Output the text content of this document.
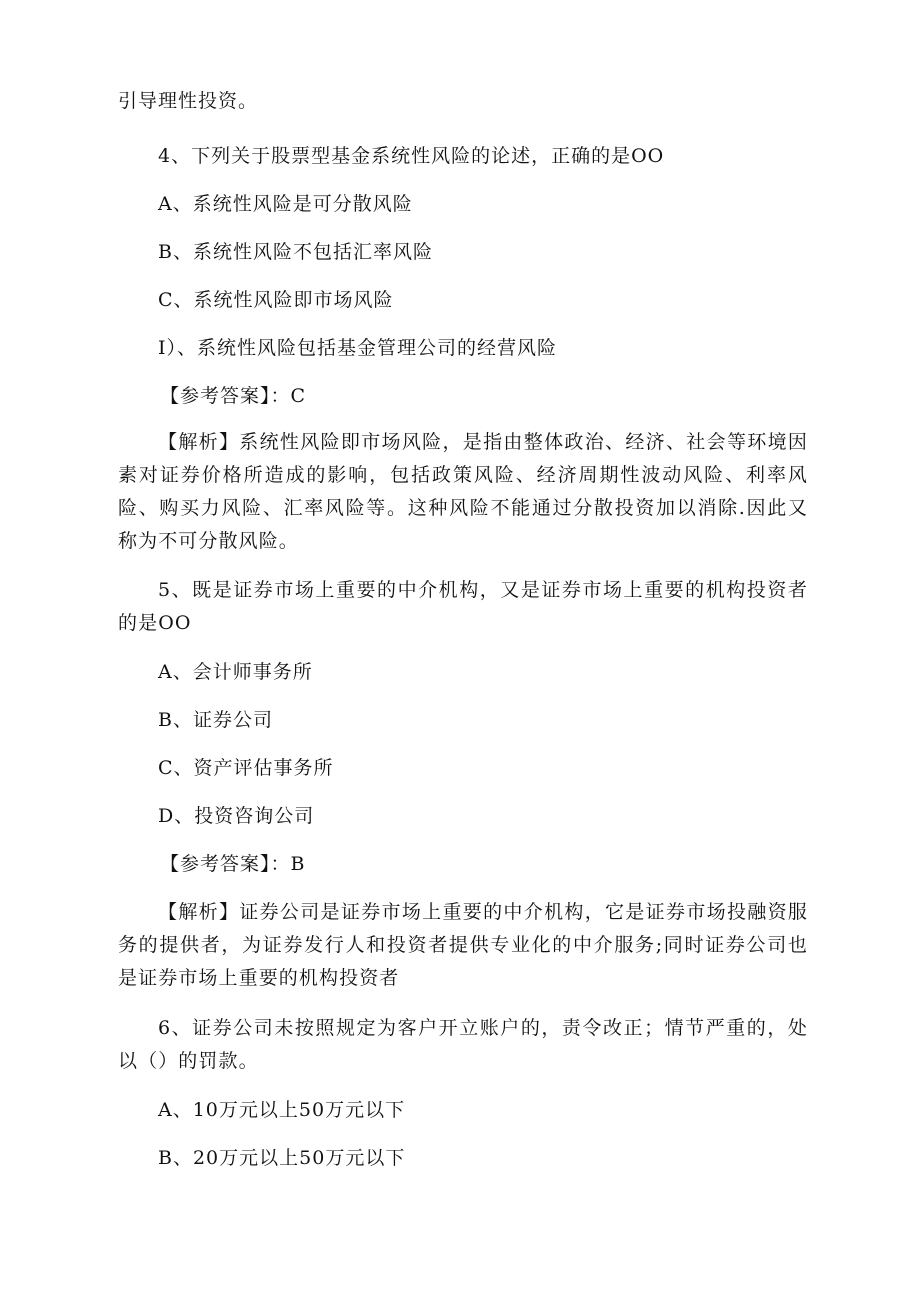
引导理性投资。
4、下列关于股票型基金系统性风险的论述，正确的是OO
A、系统性风险是可分散风险
B、系统性风险不包括汇率风险
C、系统性风险即市场风险
I）、系统性风险包括基金管理公司的经营风险
【参考答案】：C
【解析】系统性风险即市场风险，是指由整体政治、经济、社会等环境因素对证券价格所造成的影响，包括政策风险、经济周期性波动风险、利率风险、购买力风险、汇率风险等。这种风险不能通过分散投资加以消除.因此又称为不可分散风险。
5、既是证券市场上重要的中介机构，又是证券市场上重要的机构投资者的是OO
A、会计师事务所
B、证券公司
C、资产评估事务所
D、投资咨询公司
【参考答案】：B
【解析】证券公司是证券市场上重要的中介机构，它是证券市场投融资服务的提供者，为证券发行人和投资者提供专业化的中介服务;同时证券公司也是证券市场上重要的机构投资者
6、证券公司未按照规定为客户开立账户的，责令改正；情节严重的，处以（）的罚款。
A、10万元以上50万元以下
B、20万元以上50万元以下
